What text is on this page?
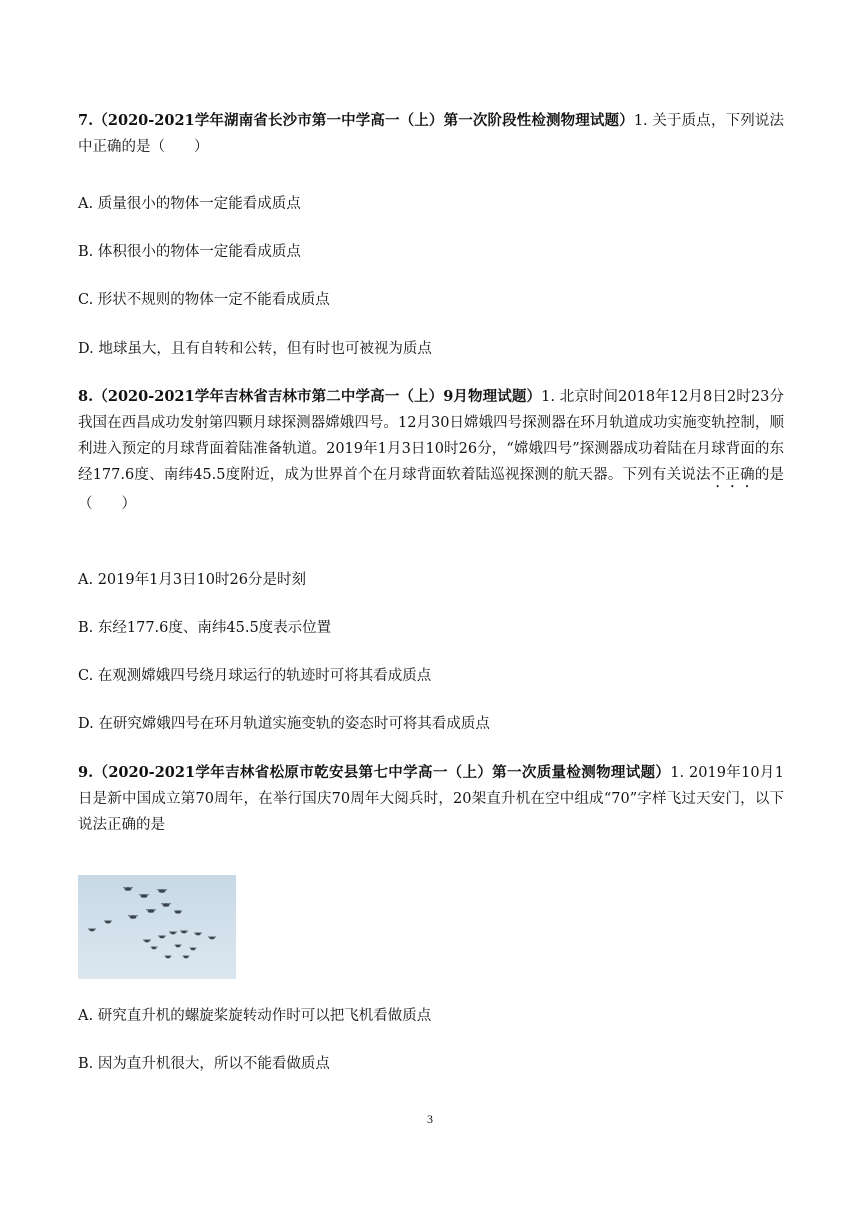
7.（2020-2021学年湖南省长沙市第一中学高一（上）第一次阶段性检测物理试题）1. 关于质点，下列说法中正确的是（　　）

A. 质量很小的物体一定能看成质点
B. 体积很小的物体一定能看成质点
C. 形状不规则的物体一定不能看成质点
D. 地球虽大，且有自转和公转，但有时也可被视为质点

8.（2020-2021学年吉林省吉林市第二中学高一（上）9月物理试题）1. 北京时间2018年12月8日2时23分我国在西昌成功发射第四颗月球探测器嫦娥四号。12月30日嫦娥四号探测器在环月轨道成功实施变轨控制，顺利进入预定的月球背面着陆准备轨道。2019年1月3日10时26分，“嫦娥四号”探测器成功着陆在月球背面的东经177.6度、南纬45.5度附近，成为世界首个在月球背面软着陆巡视探测的航天器。下列有关说法不正确的是（　　）

A. 2019年1月3日10时26分是时刻
B. 东经177.6度、南纬45.5度表示位置
C. 在观测嫦娥四号绕月球运行的轨迹时可将其看成质点
D. 在研究嫦娥四号在环月轨道实施变轨的姿态时可将其看成质点

9.（2020-2021学年吉林省松原市乾安县第七中学高一（上）第一次质量检测物理试题）1. 2019年10月1日是新中国成立第70周年，在举行国庆70周年大阅兵时，20架直升机在空中组成“70”字样飞过天安门，以下说法正确的是

A. 研究直升机的螺旋桨旋转动作时可以把飞机看做质点
B. 因为直升机很大，所以不能看做质点
3
